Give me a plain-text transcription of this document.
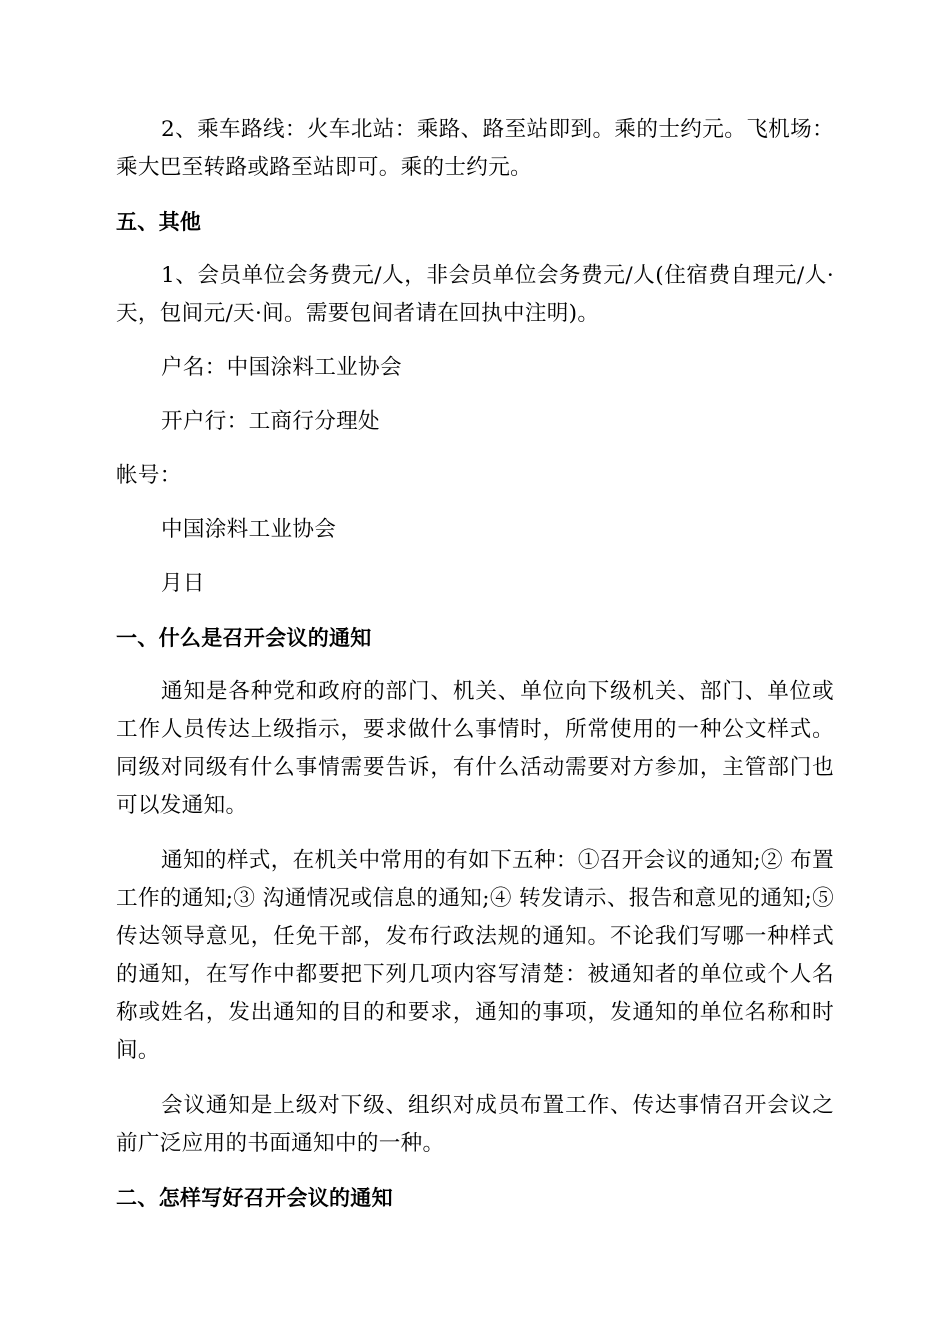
2、乘车路线：火车北站：乘路、路至站即到。乘的士约元。飞机场：乘大巴至转路或路至站即可。乘的士约元。

五、其他

1、会员单位会务费元/人，非会员单位会务费元/人(住宿费自理元/人·天，包间元/天·间。需要包间者请在回执中注明)。

户名：中国涂料工业协会

开户行：工商行分理处

帐号：

中国涂料工业协会

月日

一、什么是召开会议的通知

通知是各种党和政府的部门、机关、单位向下级机关、部门、单位或工作人员传达上级指示，要求做什么事情时，所常使用的一种公文样式。同级对同级有什么事情需要告诉，有什么活动需要对方参加，主管部门也可以发通知。

通知的样式，在机关中常用的有如下五种：①召开会议的通知;② 布置工作的通知;③ 沟通情况或信息的通知;④ 转发请示、报告和意见的通知;⑤ 传达领导意见，任免干部，发布行政法规的通知。不论我们写哪一种样式的通知，在写作中都要把下列几项内容写清楚：被通知者的单位或个人名称或姓名，发出通知的目的和要求，通知的事项，发通知的单位名称和时间。

会议通知是上级对下级、组织对成员布置工作、传达事情召开会议之前广泛应用的书面通知中的一种。

二、怎样写好召开会议的通知
